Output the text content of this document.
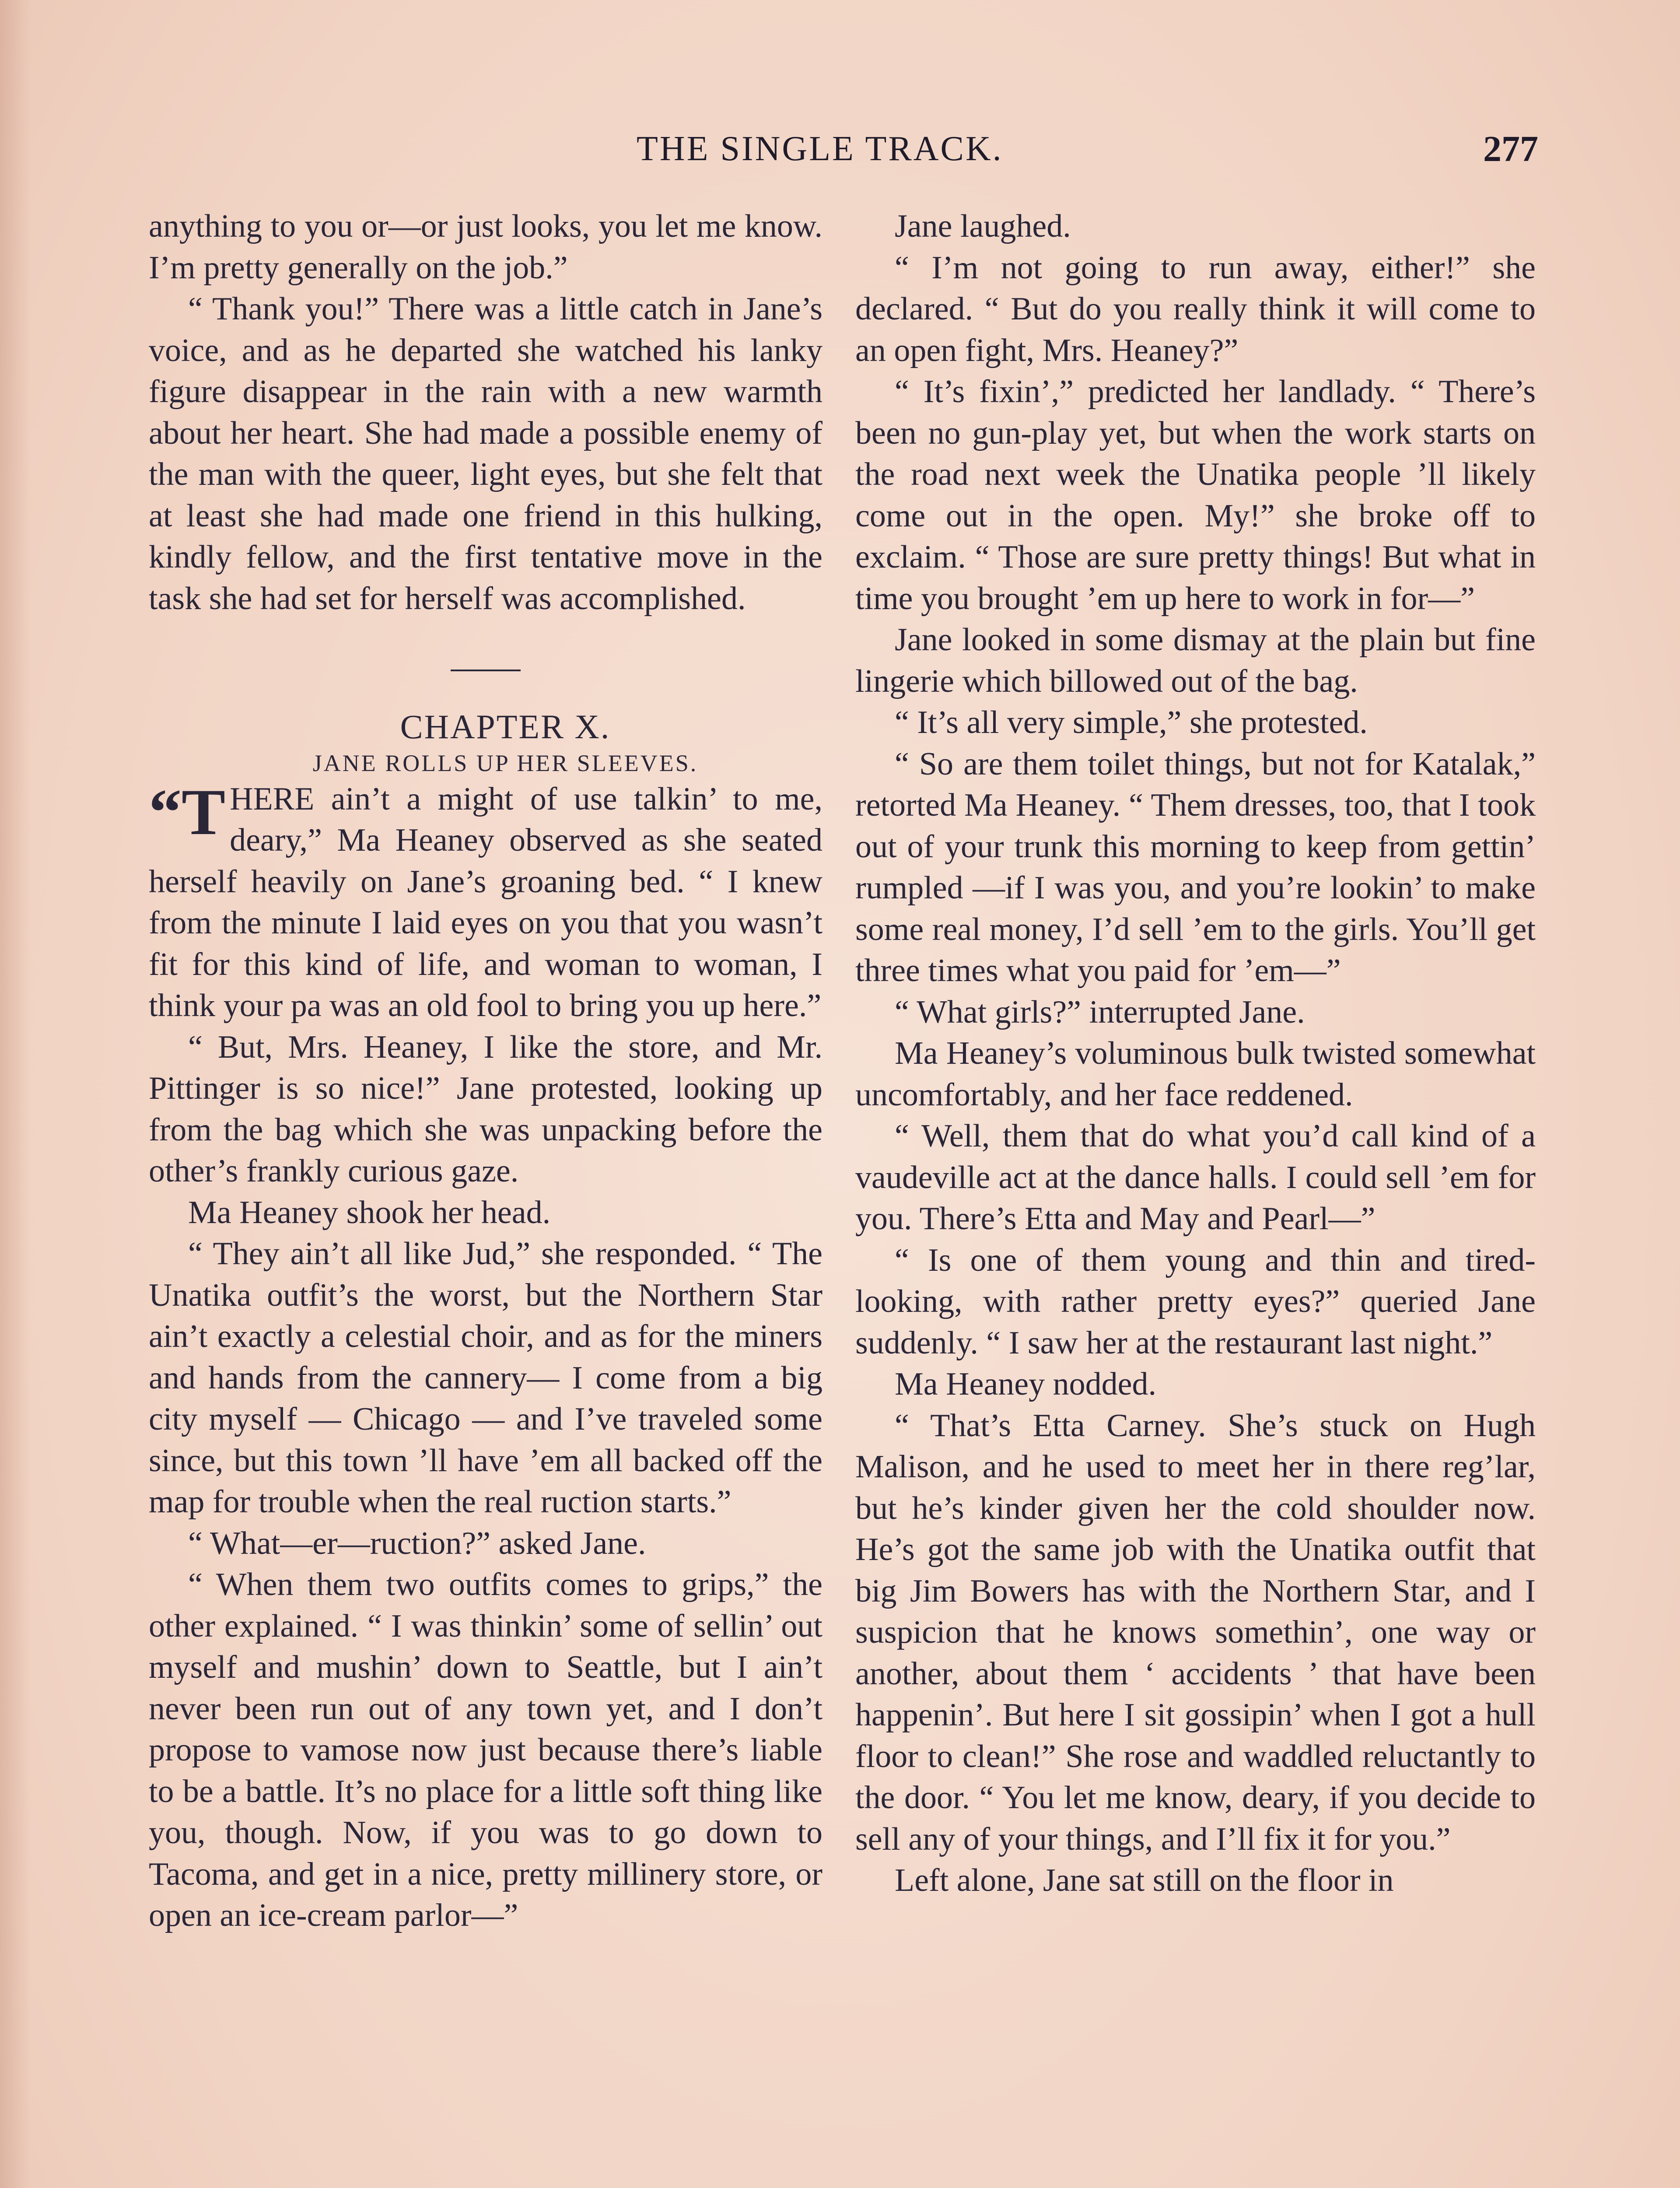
THE SINGLE TRACK.	277

anything to you or—or just looks, you let me know. I’m pretty generally on the job.”

“ Thank you!” There was a little catch in Jane’s voice, and as he departed she watched his lanky figure disappear in the rain with a new warmth about her heart. She had made a possible enemy of the man with the queer, light eyes, but she felt that at least she had made one friend in this hulking, kindly fellow, and the first tentative move in the task she had set for herself was accomplished.

CHAPTER X.

JANE ROLLS UP HER SLEEVES.

“THERE ain’t a might of use talkin’ to me, deary,” Ma Heaney observed as she seated herself heavily on Jane’s groaning bed. “ I knew from the minute I laid eyes on you that you wasn’t fit for this kind of life, and woman to woman, I think your pa was an old fool to bring you up here.”

“ But, Mrs. Heaney, I like the store, and Mr. Pittinger is so nice!” Jane protested, looking up from the bag which she was unpacking before the other’s frankly curious gaze.

Ma Heaney shook her head.

“ They ain’t all like Jud,” she responded. “ The Unatika outfit’s the worst, but the Northern Star ain’t exactly a celestial choir, and as for the miners and hands from the cannery— I come from a big city myself — Chicago — and I’ve traveled some since, but this town ’ll have ’em all backed off the map for trouble when the real ruction starts.”

“ What—er—ruction?” asked Jane.

“ When them two outfits comes to grips,” the other explained. “ I was thinkin’ some of sellin’ out myself and mushin’ down to Seattle, but I ain’t never been run out of any town yet, and I don’t propose to vamose now just because there’s liable to be a battle. It’s no place for a little soft thing like you, though. Now, if you was to go down to Tacoma, and get in a nice, pretty millinery store, or open an ice-cream parlor—”

Jane laughed.

“ I’m not going to run away, either!” she declared. “ But do you really think it will come to an open fight, Mrs. Heaney?”

“ It’s fixin’,” predicted her landlady. “ There’s been no gun-play yet, but when the work starts on the road next week the Unatika people ’ll likely come out in the open. My!” she broke off to exclaim. “ Those are sure pretty things! But what in time you brought ’em up here to work in for—”

Jane looked in some dismay at the plain but fine lingerie which billowed out of the bag.

“ It’s all very simple,” she protested.

“ So are them toilet things, but not for Katalak,” retorted Ma Heaney. “ Them dresses, too, that I took out of your trunk this morning to keep from gettin’ rumpled —if I was you, and you’re lookin’ to make some real money, I’d sell ’em to the girls. You’ll get three times what you paid for ’em—”

“ What girls?” interrupted Jane.

Ma Heaney’s voluminous bulk twisted somewhat uncomfortably, and her face reddened.

“ Well, them that do what you’d call kind of a vaudeville act at the dance halls. I could sell ’em for you. There’s Etta and May and Pearl—”

“ Is one of them young and thin and tired-looking, with rather pretty eyes?” queried Jane suddenly. “ I saw her at the restaurant last night.”

Ma Heaney nodded.

“ That’s Etta Carney. She’s stuck on Hugh Malison, and he used to meet her in there reg’lar, but he’s kinder given her the cold shoulder now. He’s got the same job with the Unatika outfit that big Jim Bowers has with the Northern Star, and I suspicion that he knows somethin’, one way or another, about them ‘ accidents ’ that have been happenin’. But here I sit gossipin’ when I got a hull floor to clean!” She rose and waddled reluctantly to the door. “ You let me know, deary, if you decide to sell any of your things, and I’ll fix it for you.”

Left alone, Jane sat still on the floor in
